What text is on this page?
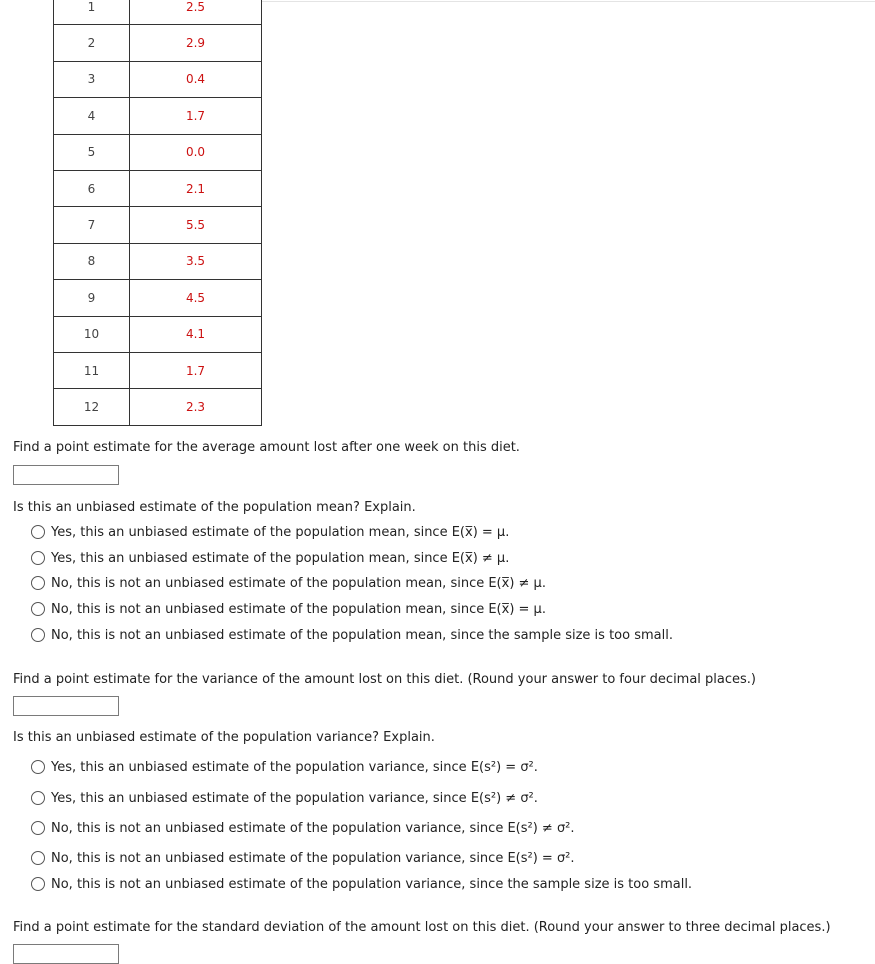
1	2.5
2	2.9
3	0.4
4	1.7
5	0.0
6	2.1
7	5.5
8	3.5
9	4.5
10	4.1
11	1.7
12	2.3

Find a point estimate for the average amount lost after one week on this diet.

Is this an unbiased estimate of the population mean? Explain.

Yes, this an unbiased estimate of the population mean, since E(x̅) = μ.
Yes, this an unbiased estimate of the population mean, since E(x̅) ≠ μ.
No, this is not an unbiased estimate of the population mean, since E(x̅) ≠ μ.
No, this is not an unbiased estimate of the population mean, since E(x̅) = μ.
No, this is not an unbiased estimate of the population mean, since the sample size is too small.

Find a point estimate for the variance of the amount lost on this diet. (Round your answer to four decimal places.)

Is this an unbiased estimate of the population variance? Explain.

Yes, this an unbiased estimate of the population variance, since E(s²) = σ².
Yes, this an unbiased estimate of the population variance, since E(s²) ≠ σ².
No, this is not an unbiased estimate of the population variance, since E(s²) ≠ σ².
No, this is not an unbiased estimate of the population variance, since E(s²) = σ².
No, this is not an unbiased estimate of the population variance, since the sample size is too small.

Find a point estimate for the standard deviation of the amount lost on this diet. (Round your answer to three decimal places.)
